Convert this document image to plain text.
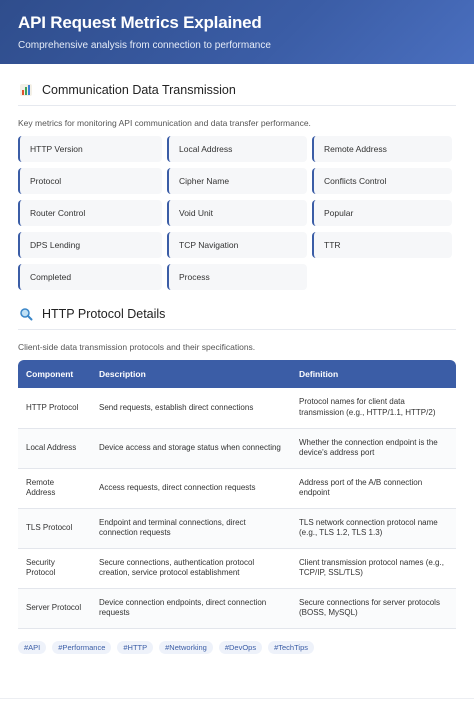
API Request Metrics Explained
Comprehensive analysis from connection to performance
Communication Data Transmission

Key metrics for monitoring API communication and data transfer performance.

HTTP Version	Local Address	Remote Address
Protocol	Cipher Name	Conflicts Control
Router Control	Void Unit	Popular
DPS Lending	TCP Navigation	TTR
Completed	Process
HTTP Protocol Details

Client-side data transmission protocols and their specifications.

Component	Description	Definition
HTTP Protocol	Send requests, establish direct connections	Protocol names for client data transmission (e.g., HTTP/1.1, HTTP/2)
Local Address	Device access and storage status when connecting	Whether the connection endpoint is the device's address port
Remote Address	Access requests, direct connection requests	Address port of the A/B connection endpoint
TLS Protocol	Endpoint and terminal connections, direct connection requests	TLS network connection protocol name (e.g., TLS 1.2, TLS 1.3)
Security Protocol	Secure connections, authentication protocol creation, service protocol establishment	Client transmission protocol names (e.g., TCP/IP, SSL/TLS)
Server Protocol	Device connection endpoints, direct connection requests	Secure connections for server protocols (BOSS, MySQL)
#API	#Performance	#HTTP	#Networking	#DevOps	#TechTips
